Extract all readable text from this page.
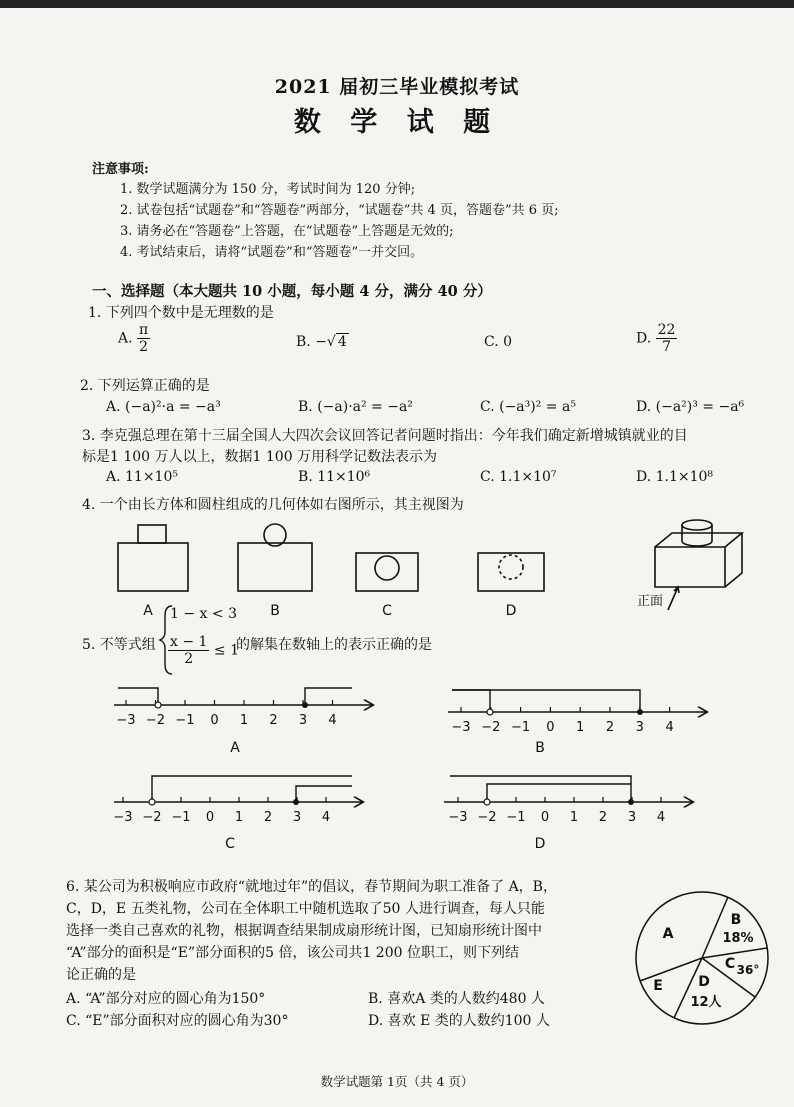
2021 届初三毕业模拟考试
数 学 试 题
注意事项:
1. 数学试题满分为 150 分，考试时间为 120 分钟;
2. 试卷包括“试题卷”和“答题卷”两部分，“试题卷”共 4 页，答题卷”共 6 页;
3. 请务必在“答题卷”上答题，在“试题卷”上答题是无效的;
4. 考试结束后，请将“试题卷”和“答题卷”一并交回。
一、选择题（本大题共 10 小题，每小题 4 分，满分 40 分）
1. 下列四个数中是无理数的是
A. $\frac{\pi}{2}$	B. −√ 4	C. 0	D. $\frac{22}{7}$
2. 下列运算正确的是
A. (−a)²·a = −a³	B. (−a)·a² = −a²	C. (−a³)² = a⁵	D. (−a²)³ = −a⁶
3. 李克强总理在第十三届全国人大四次会议回答记者问题时指出：今年我们确定新增城镇就业的目
标是1 100 万人以上，数据1 100 万用科学记数法表示为
A. 11×10⁵	B. 11×10⁶	C. 1.1×10⁷	D. 1.1×10⁸
4. 一个由长方体和圆柱组成的几何体如右图所示，其主视图为
A	B	C	D
正面
5. 不等式组
1 − x < 3
$\frac{x - 1}{2} \le 1$
的解集在数轴上的表示正确的是
−3 −2 −1 0 1 2 3 4	−3 −2 −1 0 1 2 3 4
−3 −2 −1 0 1 2 3 4	−3 −2 −1 0 1 2 3 4
A	B
C	D
6. 某公司为积极响应市政府“就地过年”的倡议，春节期间为职工准备了 A，B，
C，D，E 五类礼物，公司在全体职工中随机选取了50 人进行调查，每人只能
选择一类自己喜欢的礼物，根据调查结果制成扇形统计图，已知扇形统计图中
“A”部分的面积是“E”部分面积的5 倍，该公司共1 200 位职工，则下列结
论正确的是
A. “A”部分对应的圆心角为150°	B. 喜欢A 类的人数约480 人
C. “E”部分面积对应的圆心角为30°	D. 喜欢 E 类的人数约100 人
A
B
18%
C 36°
D
12人
E
数学试题第 1页（共 4 页）
